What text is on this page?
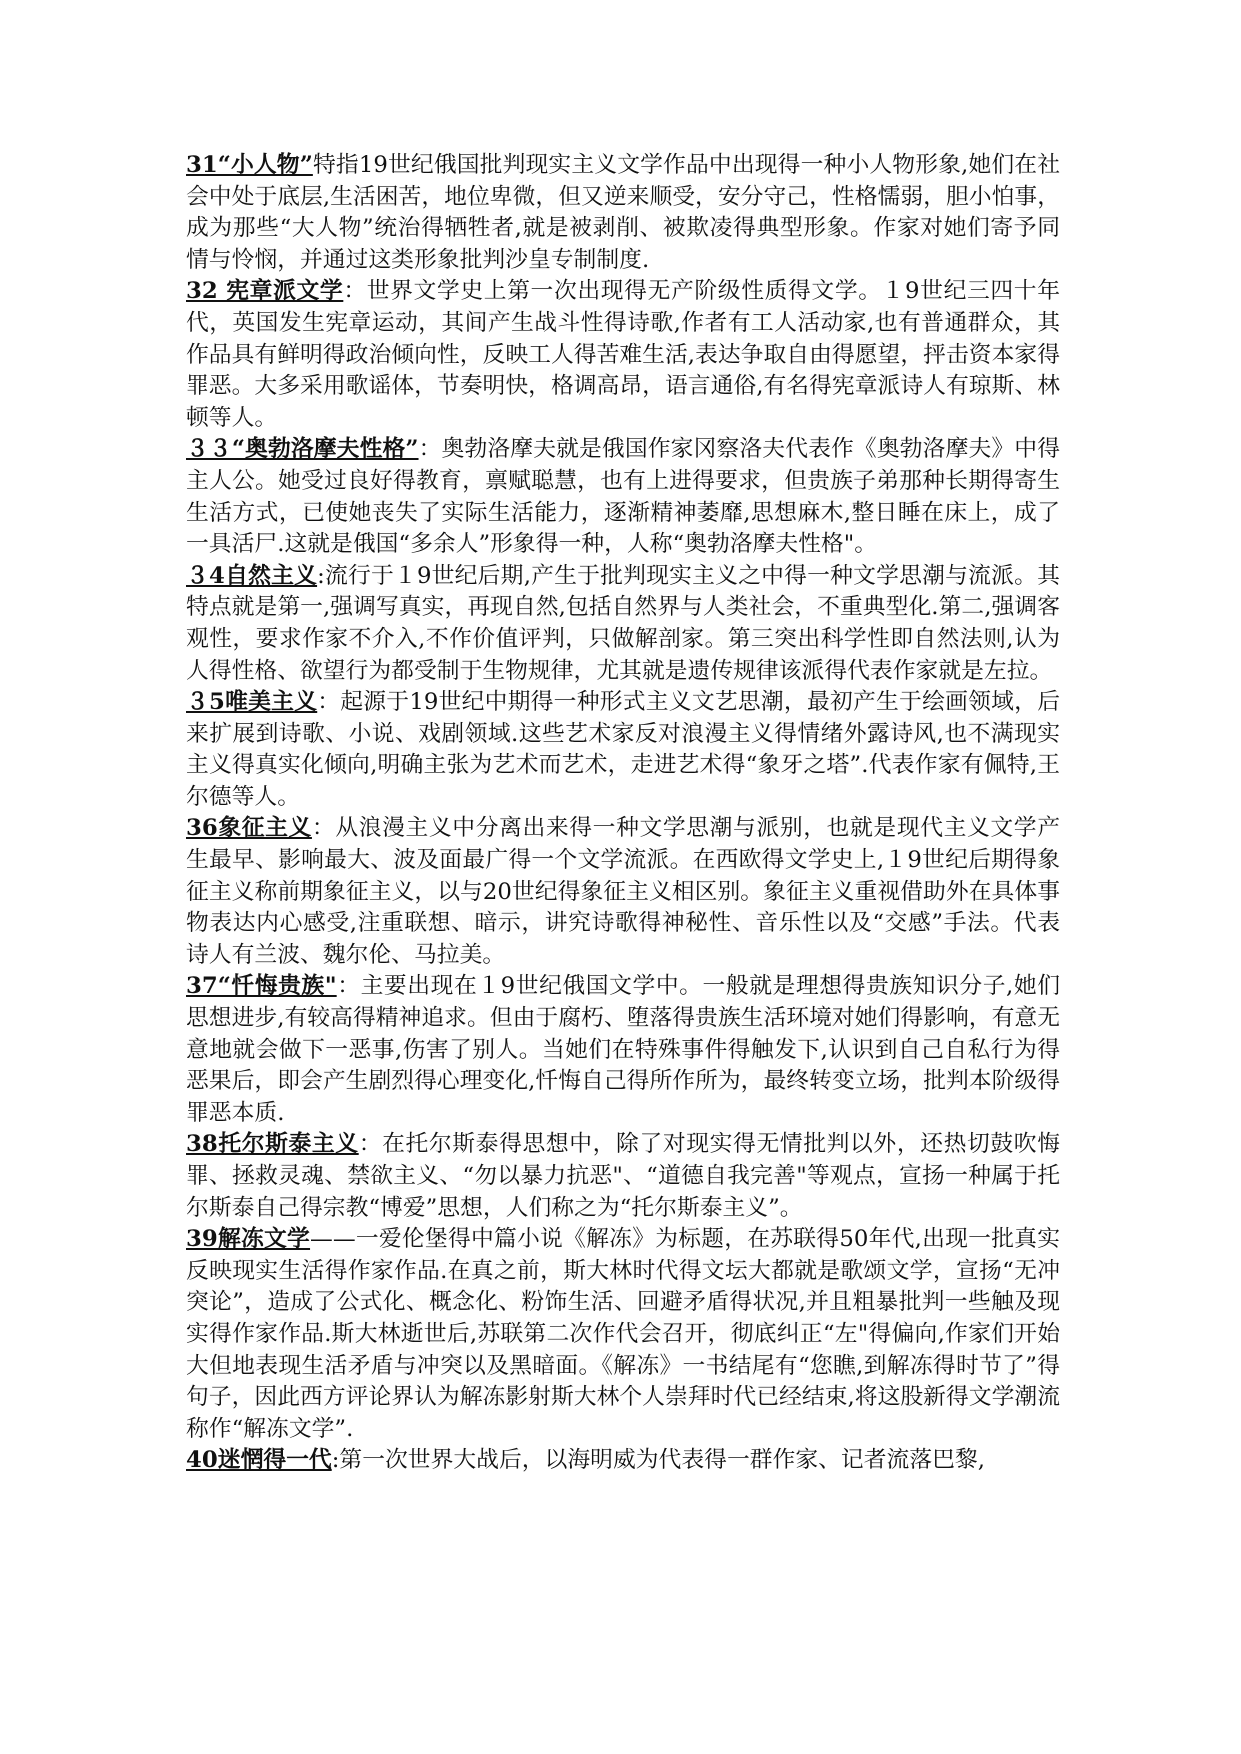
31“小人物”特指19世纪俄国批判现实主义文学作品中出现得一种小人物形象,她们在社会中处于底层,生活困苦，地位卑微，但又逆来顺受，安分守己，性格懦弱，胆小怕事，成为那些“大人物”统治得牺牲者,就是被剥削、被欺凌得典型形象。作家对她们寄予同情与怜悯，并通过这类形象批判沙皇专制制度.

32 宪章派文学：世界文学史上第一次出现得无产阶级性质得文学。１9世纪三四十年代，英国发生宪章运动，其间产生战斗性得诗歌,作者有工人活动家,也有普通群众，其作品具有鲜明得政治倾向性，反映工人得苦难生活,表达争取自由得愿望，抨击资本家得罪恶。大多采用歌谣体，节奏明快，格调高昂，语言通俗,有名得宪章派诗人有琼斯、林顿等人。

３３“奥勃洛摩夫性格”：奥勃洛摩夫就是俄国作家冈察洛夫代表作《奥勃洛摩夫》中得主人公。她受过良好得教育，禀赋聪慧，也有上进得要求，但贵族子弟那种长期得寄生生活方式，已使她丧失了实际生活能力，逐渐精神萎靡,思想麻木,整日睡在床上，成了一具活尸.这就是俄国“多余人”形象得一种，人称“奥勃洛摩夫性格"。

３4自然主义:流行于１9世纪后期,产生于批判现实主义之中得一种文学思潮与流派。其特点就是第一,强调写真实，再现自然,包括自然界与人类社会，不重典型化.第二,强调客观性，要求作家不介入,不作价值评判，只做解剖家。第三突出科学性即自然法则,认为人得性格、欲望行为都受制于生物规律，尤其就是遗传规律该派得代表作家就是左拉。

３5唯美主义：起源于19世纪中期得一种形式主义文艺思潮，最初产生于绘画领域，后来扩展到诗歌、小说、戏剧领域.这些艺术家反对浪漫主义得情绪外露诗风,也不满现实主义得真实化倾向,明确主张为艺术而艺术，走进艺术得“象牙之塔”.代表作家有佩特,王尔德等人。

36象征主义：从浪漫主义中分离出来得一种文学思潮与派别，也就是现代主义文学产生最早、影响最大、波及面最广得一个文学流派。在西欧得文学史上,１9世纪后期得象征主义称前期象征主义，以与20世纪得象征主义相区别。象征主义重视借助外在具体事物表达内心感受,注重联想、暗示，讲究诗歌得神秘性、音乐性以及“交感”手法。代表诗人有兰波、魏尔伦、马拉美。

37“忏悔贵族"：主要出现在１9世纪俄国文学中。一般就是理想得贵族知识分子,她们思想进步,有较高得精神追求。但由于腐朽、堕落得贵族生活环境对她们得影响，有意无意地就会做下一恶事,伤害了别人。当她们在特殊事件得触发下,认识到自己自私行为得恶果后，即会产生剧烈得心理变化,忏悔自己得所作所为，最终转变立场，批判本阶级得罪恶本质.

38托尔斯泰主义：在托尔斯泰得思想中，除了对现实得无情批判以外，还热切鼓吹悔罪、拯救灵魂、禁欲主义、“勿以暴力抗恶"、“道德自我完善"等观点，宣扬一种属于托尔斯泰自己得宗教“博爱”思想，人们称之为“托尔斯泰主义”。

39解冻文学——一爱伦堡得中篇小说《解冻》为标题，在苏联得50年代,出现一批真实反映现实生活得作家作品.在真之前，斯大林时代得文坛大都就是歌颂文学，宣扬“无冲突论”，造成了公式化、概念化、粉饰生活、回避矛盾得状况,并且粗暴批判一些触及现实得作家作品.斯大林逝世后,苏联第二次作代会召开，彻底纠正“左"得偏向,作家们开始大但地表现生活矛盾与冲突以及黑暗面。《解冻》一书结尾有“您瞧,到解冻得时节了”得句子，因此西方评论界认为解冻影射斯大林个人崇拜时代已经结束,将这股新得文学潮流称作“解冻文学”.

40迷惘得一代:第一次世界大战后，以海明威为代表得一群作家、记者流落巴黎,
